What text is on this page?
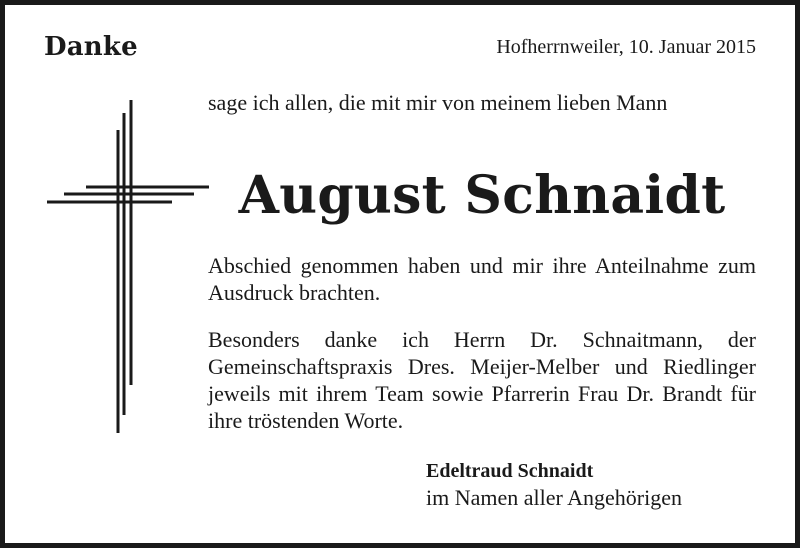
Danke	Hofherrnweiler, 10. Januar 2015
sage ich allen, die mit mir von meinem lieben Mann
August Schnaidt
Abschied genommen haben und mir ihre Anteilnahme zum Ausdruck brachten.
Besonders danke ich Herrn Dr. Schnaitmann, der Gemeinschaftspraxis Dres. Meijer-Melber und Riedlinger jeweils mit ihrem Team sowie Pfarrerin Frau Dr. Brandt für ihre tröstenden Worte.
Edeltraud Schnaidt
im Namen aller Angehörigen
